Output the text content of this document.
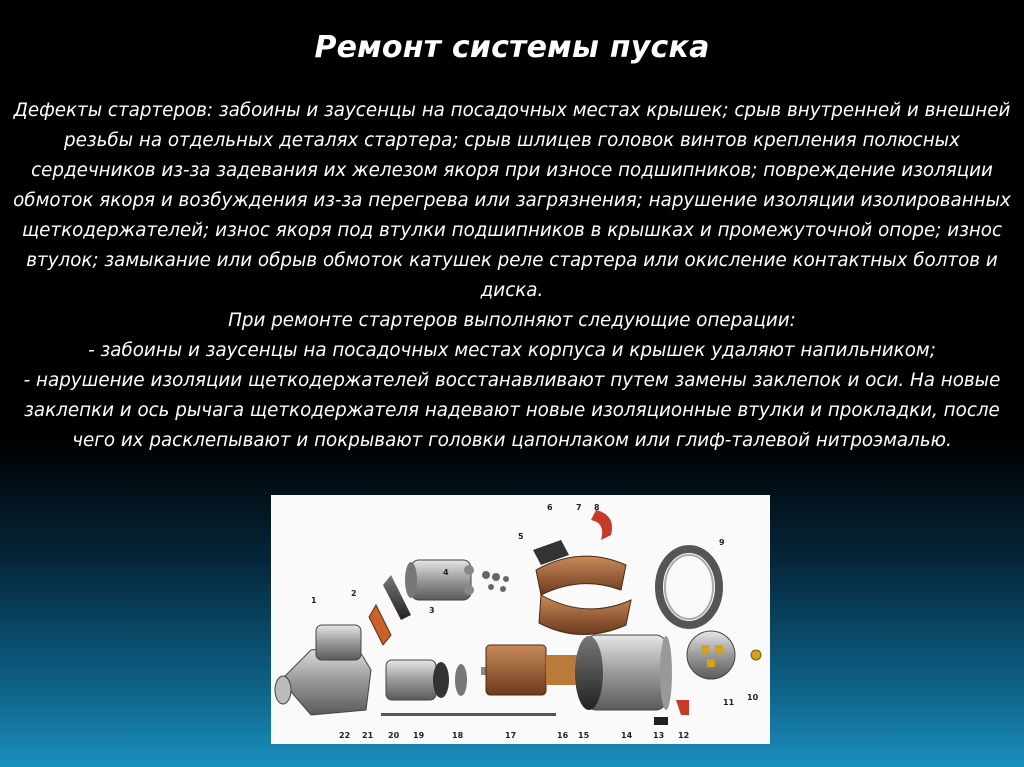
Ремонт системы пуска

Дефекты стартеров: забоины и заусенцы на посадочных местах крышек; срыв внутренней и внешней резьбы на отдельных деталях стартера; срыв шлицев головок винтов крепления полюсных сердечников из-за задевания их железом якоря при износе подшипников; повреждение изоляции обмоток якоря и возбуждения из-за перегрева или загрязнения; нарушение изоляции изолированных щеткодержателей; износ якоря под втулки подшипников в крышках и промежуточной опоре; износ втулок; замыкание или обрыв обмоток катушек реле стартера или окисление контактных болтов и диска.

При ремонте стартеров выполняют следующие операции:

- забоины и заусенцы на посадочных местах корпуса и крышек удаляют напильником;

- нарушение изоляции щеткодержателей восстанавливают путем замены заклепок и оси. На новые заклепки и ось рычага щеткодержателя надевают новые изоляционные втулки и прокладки, после чего их расклепывают и покрывают головки цапонлаком или глиф-талевой нитроэмалью.

1
2
3
4
5
6	7 8
9
10
11
12
13
14
15
16
17
18
19
20
21
22
